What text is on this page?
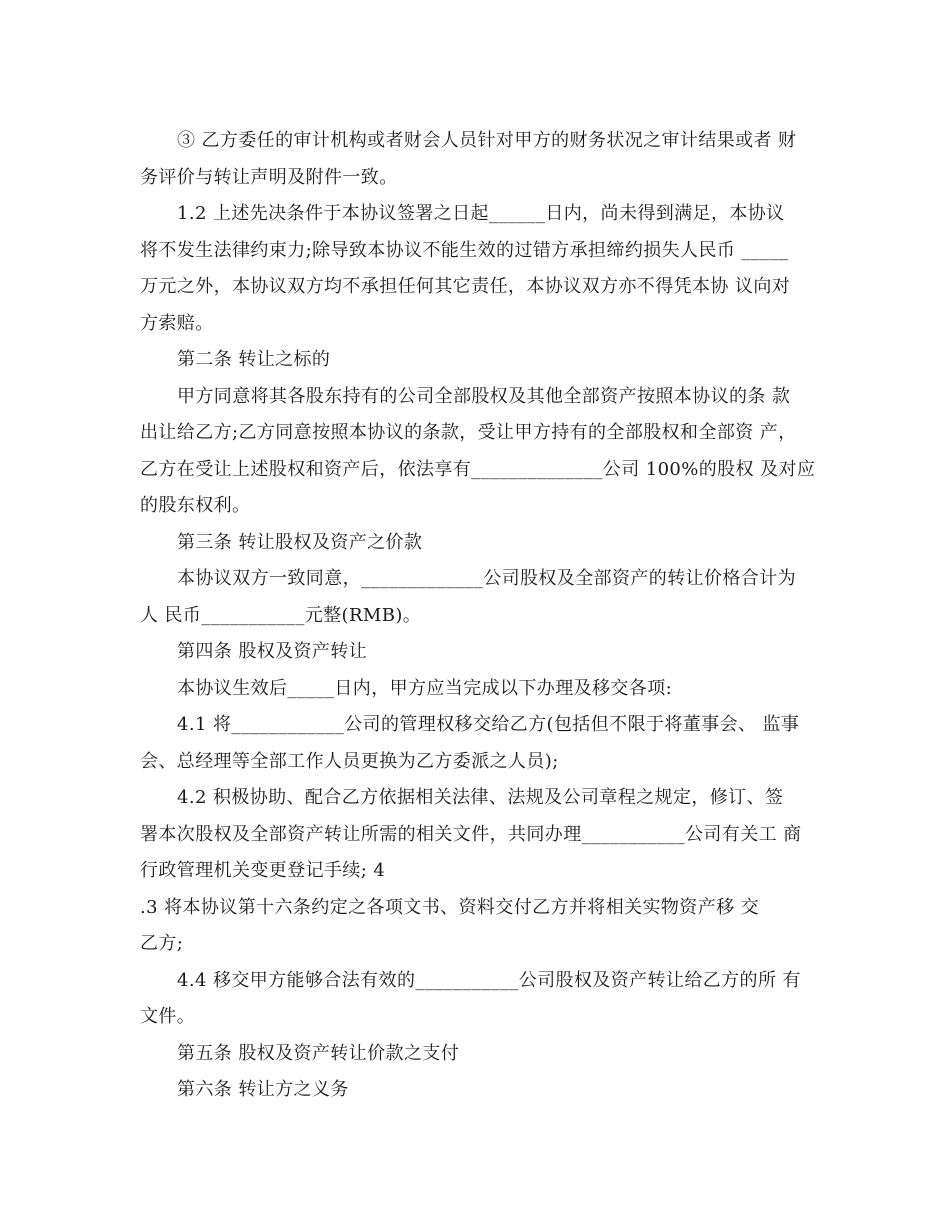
③ 乙方委任的审计机构或者财会人员针对甲方的财务状况之审计结果或者 财
务评价与转让声明及附件一致。
1.2 上述先决条件于本协议签署之日起______日内，尚未得到满足，本协议
将不发生法律约束力;除导致本协议不能生效的过错方承担缔约损失人民币 _____
万元之外，本协议双方均不承担任何其它责任，本协议双方亦不得凭本协 议向对
方索赔。
第二条 转让之标的
甲方同意将其各股东持有的公司全部股权及其他全部资产按照本协议的条 款
出让给乙方;乙方同意按照本协议的条款，受让甲方持有的全部股权和全部资 产，
乙方在受让上述股权和资产后，依法享有______________公司 100%的股权 及对应
的股东权利。
第三条 转让股权及资产之价款
本协议双方一致同意，_____________公司股权及全部资产的转让价格合计为
人 民币___________元整(RMB)。
第四条 股权及资产转让
本协议生效后_____日内，甲方应当完成以下办理及移交各项:
4.1 将____________公司的管理权移交给乙方(包括但不限于将董事会、 监事
会、总经理等全部工作人员更换为乙方委派之人员);
4.2 积极协助、配合乙方依据相关法律、法规及公司章程之规定，修订、签
署本次股权及全部资产转让所需的相关文件，共同办理___________公司有关工 商
行政管理机关变更登记手续; 4
.3 将本协议第十六条约定之各项文书、资料交付乙方并将相关实物资产移 交
乙方;
4.4 移交甲方能够合法有效的___________公司股权及资产转让给乙方的所 有
文件。
第五条 股权及资产转让价款之支付
第六条 转让方之义务
